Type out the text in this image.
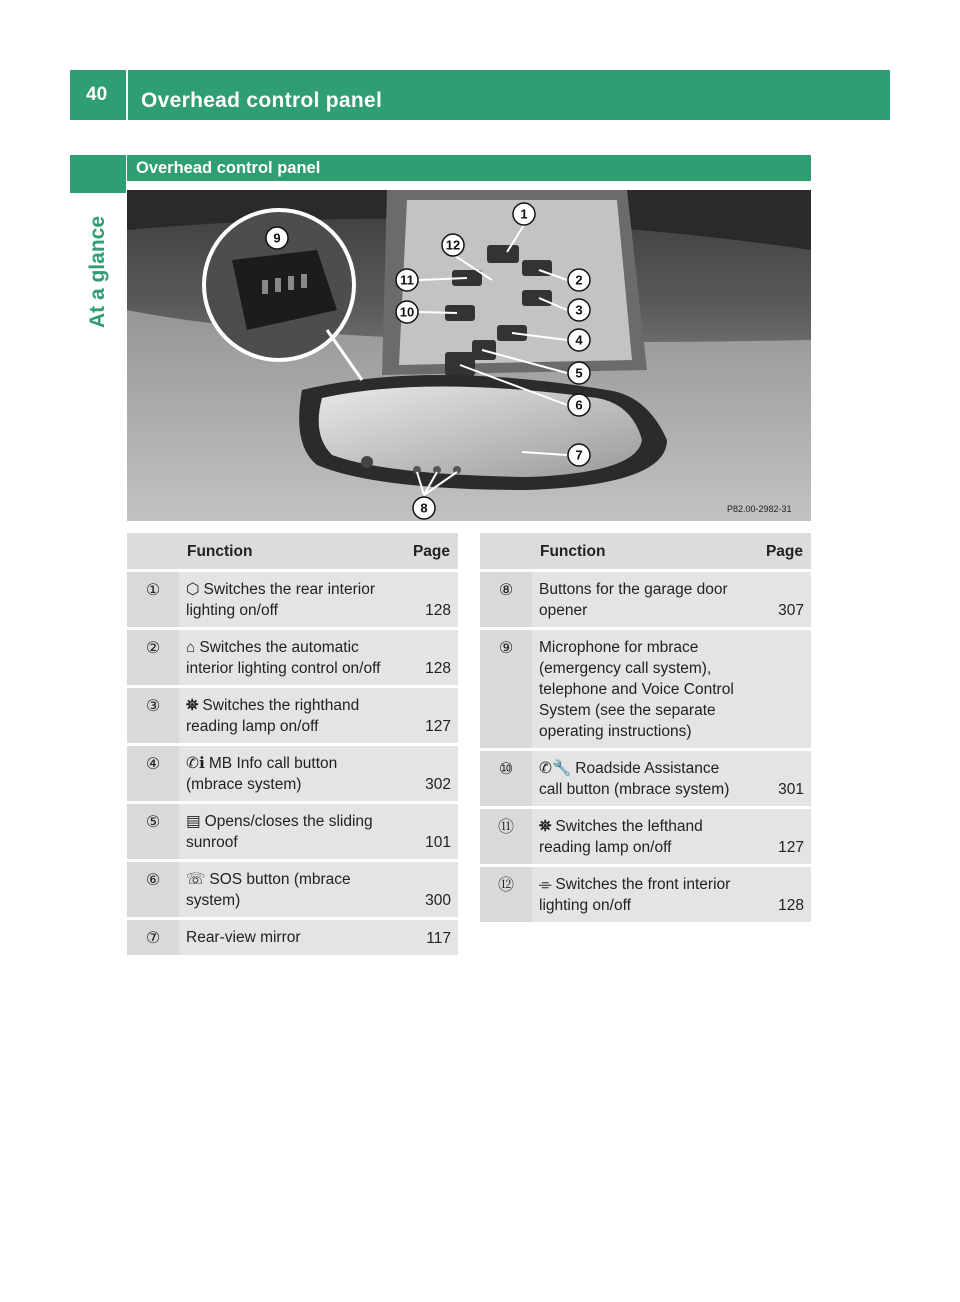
40	Overhead control panel
At a glance
Overhead control panel
1
2
3
4
5
6
7
8
9
10
11
12
P82.00-2982-31
	Function	Page
①	⬡ Switches the rear interior lighting on/off	128
②	⌂ Switches the automatic interior lighting control on/off	128
③	⛯ Switches the righthand reading lamp on/off	127
④	✆ℹ MB Info call button (mbrace system)	302
⑤	▤ Opens/closes the sliding sunroof	101
⑥	☏ SOS button (mbrace system)	300
⑦	Rear-view mirror	117
	Function	Page
⑧	Buttons for the garage door opener	307
⑨	Microphone for mbrace (emergency call system), telephone and Voice Control System (see the separate operating instructions)	
⑩	✆🔧 Roadside Assistance call button (mbrace system)	301
⑪	⛯ Switches the lefthand reading lamp on/off	127
⑫	⌯ Switches the front interior lighting on/off	128
